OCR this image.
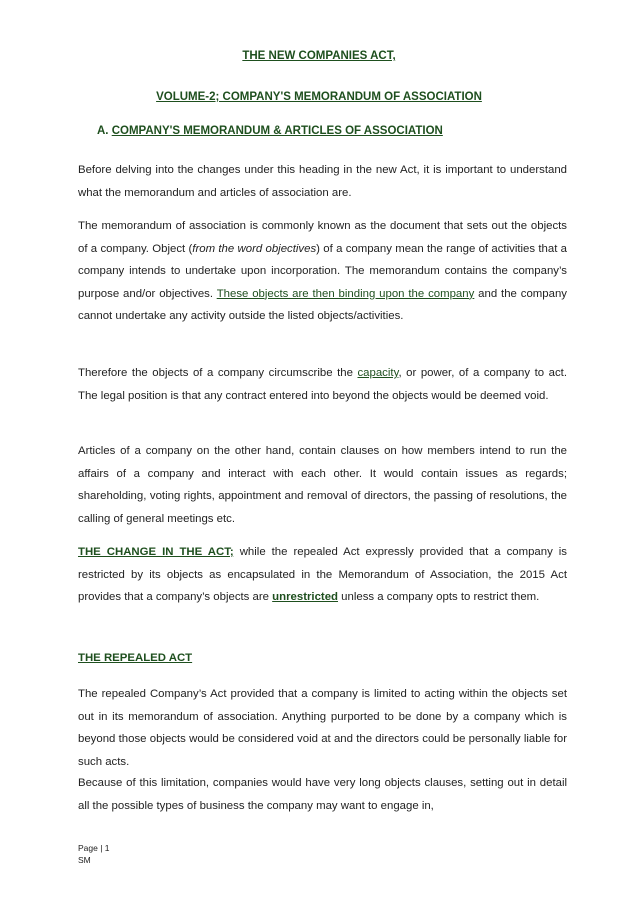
THE NEW COMPANIES ACT,
VOLUME-2; COMPANY'S MEMORANDUM OF ASSOCIATION
A. COMPANY'S MEMORANDUM & ARTICLES OF ASSOCIATION

Before delving into the changes under this heading in the new Act, it is important to understand what the memorandum and articles of association are.

The memorandum of association is commonly known as the document that sets out the objects of a company. Object (from the word objectives) of a company mean the range of activities that a company intends to undertake upon incorporation. The memorandum contains the company’s purpose and/or objectives. These objects are then binding upon the company and the company cannot undertake any activity outside the listed objects/activities.

Therefore the objects of a company circumscribe the capacity, or power, of a company to act. The legal position is that any contract entered into beyond the objects would be deemed void.

Articles of a company on the other hand, contain clauses on how members intend to run the affairs of a company and interact with each other. It would contain issues as regards; shareholding, voting rights, appointment and removal of directors, the passing of resolutions, the calling of general meetings etc.

THE CHANGE IN THE ACT; while the repealed Act expressly provided that a company is restricted by its objects as encapsulated in the Memorandum of Association, the 2015 Act provides that a company’s objects are unrestricted unless a company opts to restrict them.

THE REPEALED ACT

The repealed Company’s Act provided that a company is limited to acting within the objects set out in its memorandum of association. Anything purported to be done by a company which is beyond those objects would be considered void at and the directors could be personally liable for such acts.

Because of this limitation, companies would have very long objects clauses, setting out in detail all the possible types of business the company may want to engage in,

Page | 1
SM
